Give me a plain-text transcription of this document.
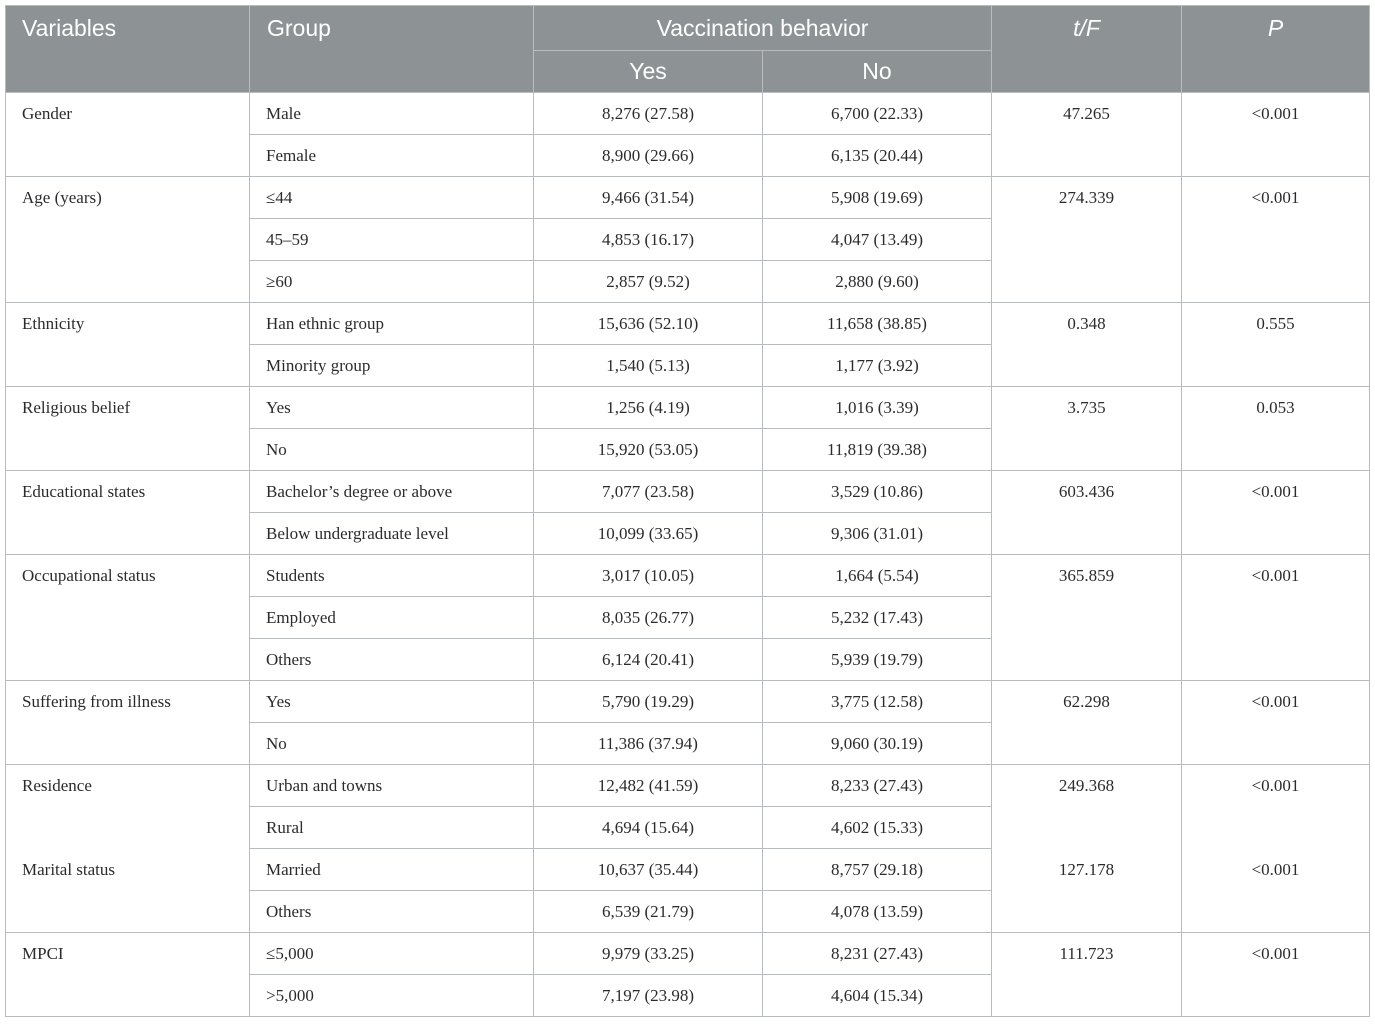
Variables	Group	Vaccination behavior		t/F	P
		Yes	No		
Gender	Male	8,276 (27.58)	6,700 (22.33)	47.265	<0.001
	Female	8,900 (29.66)	6,135 (20.44)		
Age (years)	≤44	9,466 (31.54)	5,908 (19.69)	274.339	<0.001
	45–59	4,853 (16.17)	4,047 (13.49)		
	≥60	2,857 (9.52)	2,880 (9.60)		
Ethnicity	Han ethnic group	15,636 (52.10)	11,658 (38.85)	0.348	0.555
	Minority group	1,540 (5.13)	1,177 (3.92)		
Religious belief	Yes	1,256 (4.19)	1,016 (3.39)	3.735	0.053
	No	15,920 (53.05)	11,819 (39.38)		
Educational states	Bachelor’s degree or above	7,077 (23.58)	3,529 (10.86)	603.436	<0.001
	Below undergraduate level	10,099 (33.65)	9,306 (31.01)		
Occupational status	Students	3,017 (10.05)	1,664 (5.54)	365.859	<0.001
	Employed	8,035 (26.77)	5,232 (17.43)		
	Others	6,124 (20.41)	5,939 (19.79)		
Suffering from illness	Yes	5,790 (19.29)	3,775 (12.58)	62.298	<0.001
	No	11,386 (37.94)	9,060 (30.19)		
Residence	Urban and towns	12,482 (41.59)	8,233 (27.43)	249.368	<0.001
	Rural	4,694 (15.64)	4,602 (15.33)		
Marital status	Married	10,637 (35.44)	8,757 (29.18)	127.178	<0.001
	Others	6,539 (21.79)	4,078 (13.59)		
MPCI	≤5,000	9,979 (33.25)	8,231 (27.43)	111.723	<0.001
	>5,000	7,197 (23.98)	4,604 (15.34)		
